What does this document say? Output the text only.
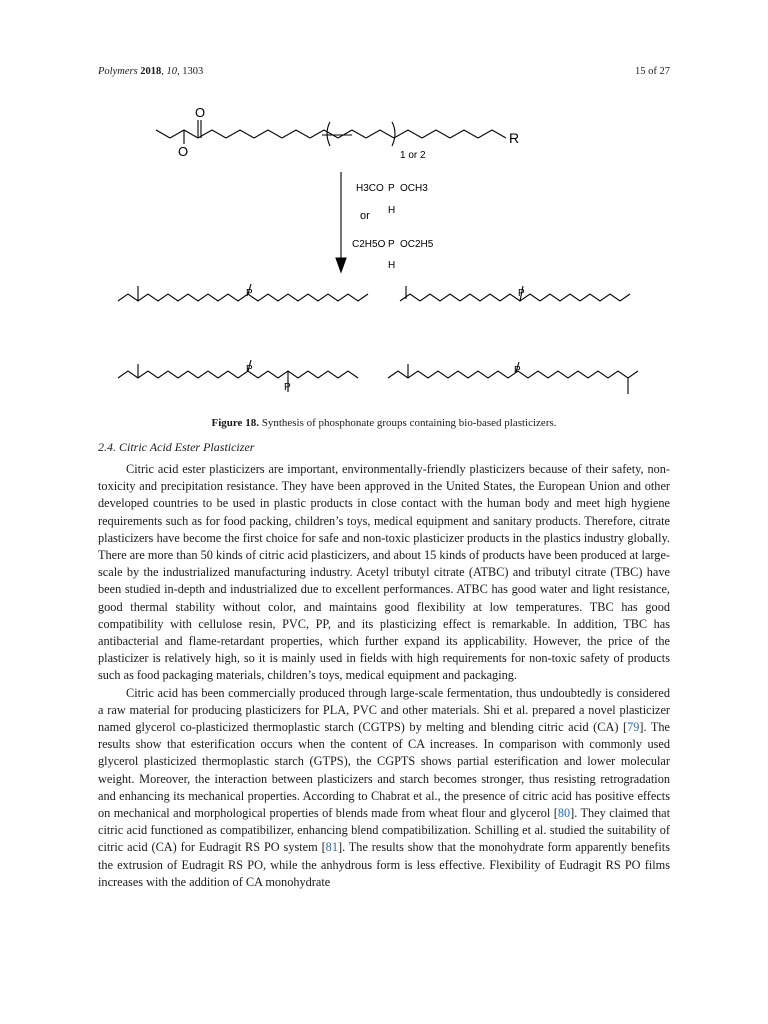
Polymers 2018, 10, 1303	15 of 27
O
O
R
1 or 2
H3CO P OCH3
H
or
C2H5O P OC2H5
H
P	P
P
P
P
Figure 18. Synthesis of phosphonate groups containing bio-based plasticizers.
2.4. Citric Acid Ester Plasticizer

Citric acid ester plasticizers are important, environmentally-friendly plasticizers because of their safety, non-toxicity and precipitation resistance. They have been approved in the United States, the European Union and other developed countries to be used in plastic products in close contact with the human body and meet high hygiene requirements such as for food packing, children’s toys, medical equipment and sanitary products. Therefore, citrate plasticizers have become the first choice for safe and non-toxic plasticizer products in the plastics industry globally. There are more than 50 kinds of citric acid plasticizers, and about 15 kinds of products have been produced at large-scale by the industrialized manufacturing industry. Acetyl tributyl citrate (ATBC) and tributyl citrate (TBC) have been studied in-depth and industrialized due to excellent performances. ATBC has good water and light resistance, good thermal stability without color, and maintains good flexibility at low temperatures. TBC has good compatibility with cellulose resin, PVC, PP, and its plasticizing effect is remarkable. In addition, TBC has antibacterial and flame-retardant properties, which further expand its applicability. However, the price of the plasticizer is relatively high, so it is mainly used in fields with high requirements for non-toxic safety of products such as food packaging materials, children’s toys, medical equipment and packaging.

Citric acid has been commercially produced through large-scale fermentation, thus undoubtedly is considered a raw material for producing plasticizers for PLA, PVC and other materials. Shi et al. prepared a novel plasticizer named glycerol co-plasticized thermoplastic starch (CGTPS) by melting and blending citric acid (CA) [79]. The results show that esterification occurs when the content of CA increases. In comparison with commonly used glycerol plasticized thermoplastic starch (GTPS), the CGPTS shows partial esterification and lower molecular weight. Moreover, the interaction between plasticizers and starch becomes stronger, thus resisting retrogradation and enhancing its mechanical properties. According to Chabrat et al., the presence of citric acid has positive effects on mechanical and morphological properties of blends made from wheat flour and glycerol [80]. They claimed that citric acid functioned as compatibilizer, enhancing blend compatibilization. Schilling et al. studied the suitability of citric acid (CA) for Eudragit RS PO system [81]. The results show that the monohydrate form apparently benefits the extrusion of Eudragit RS PO, while the anhydrous form is less effective. Flexibility of Eudragit RS PO films increases with the addition of CA monohydrate
